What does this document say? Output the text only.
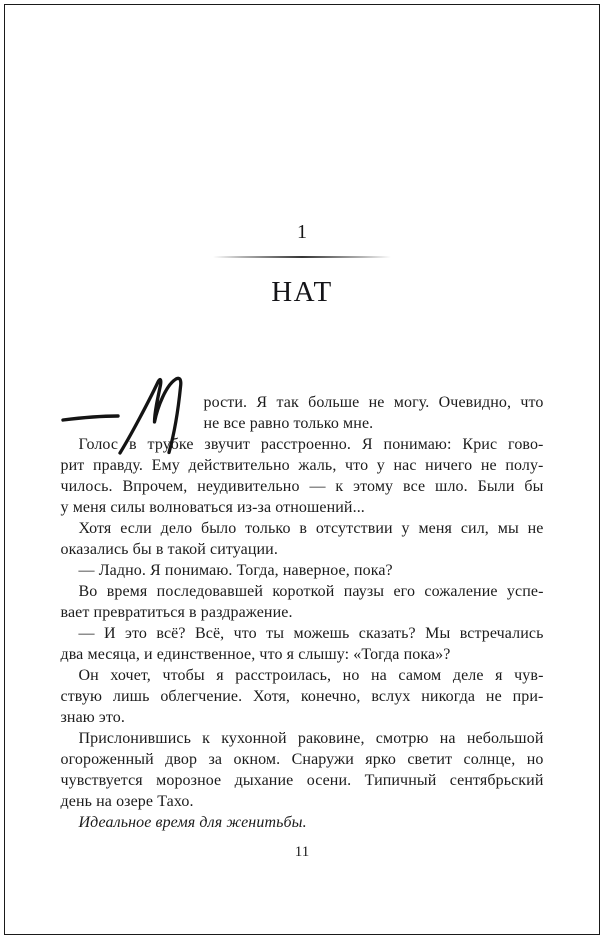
1
НАТ
рости. Я так больше не могу. Очевидно, что
не все равно только мне.
Голос в трубке звучит расстроенно. Я понимаю: Крис гово-
рит правду. Ему действительно жаль, что у нас ничего не полу-
чилось. Впрочем, неудивительно — к этому все шло. Были бы
у меня силы волноваться из-за отношений...
Хотя если дело было только в отсутствии у меня сил, мы не
оказались бы в такой ситуации.
— Ладно. Я понимаю. Тогда, наверное, пока?
Во время последовавшей короткой паузы его сожаление успе-
вает превратиться в раздражение.
— И это всё? Всё, что ты можешь сказать? Мы встречались
два месяца, и единственное, что я слышу: «Тогда пока»?
Он хочет, чтобы я расстроилась, но на самом деле я чув-
ствую лишь облегчение. Хотя, конечно, вслух никогда не при-
знаю это.
Прислонившись к кухонной раковине, смотрю на небольшой
огороженный двор за окном. Снаружи ярко светит солнце, но
чувствуется морозное дыхание осени. Типичный сентябрьский
день на озере Тахо.
Идеальное время для женитьбы.
11
